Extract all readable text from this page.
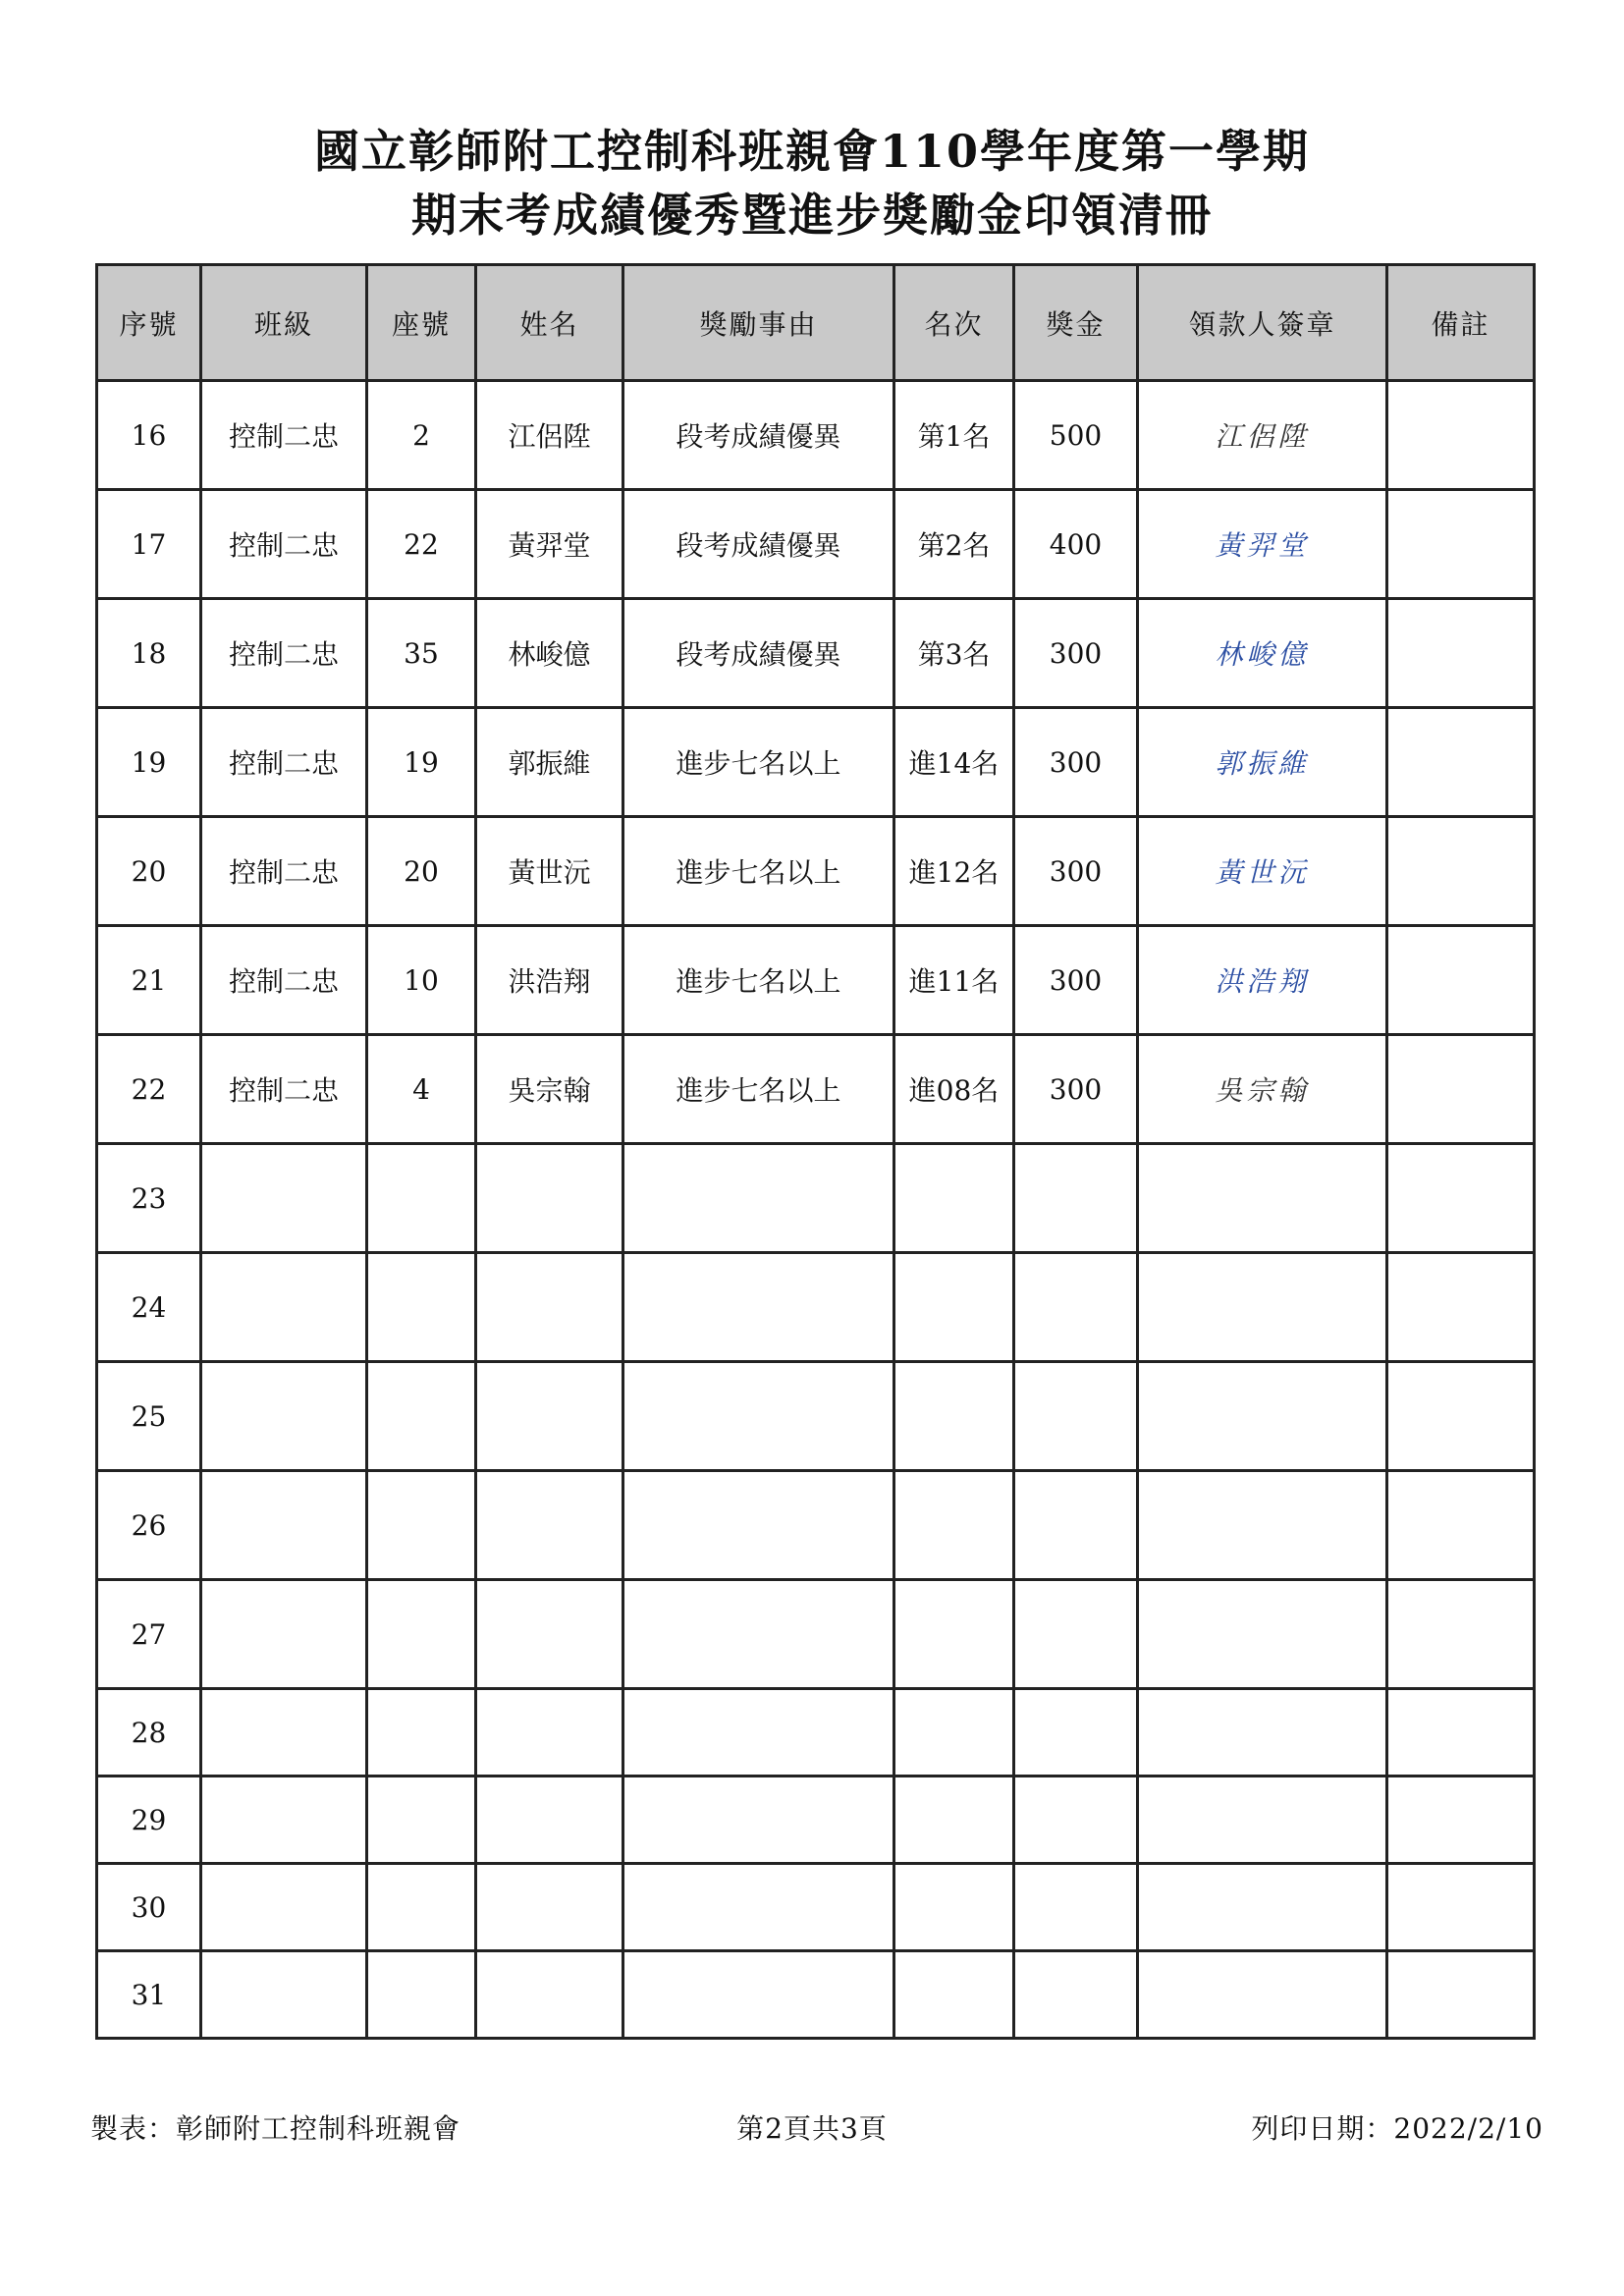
國立彰師附工控制科班親會110學年度第一學期
期末考成績優秀暨進步獎勵金印領清冊
序號	班級	座號	姓名	獎勵事由	名次	獎金	領款人簽章	備註
16	控制二忠	2	江侶陞	段考成績優異	第1名	500	江侶陞	
17	控制二忠	22	黃羿堂	段考成績優異	第2名	400	黃羿堂	
18	控制二忠	35	林峻億	段考成績優異	第3名	300	林峻億	
19	控制二忠	19	郭振維	進步七名以上	進14名	300	郭振維	
20	控制二忠	20	黃世沅	進步七名以上	進12名	300	黃世沅	
21	控制二忠	10	洪浩翔	進步七名以上	進11名	300	洪浩翔	
22	控制二忠	4	吳宗翰	進步七名以上	進08名	300	吳宗翰	
23								
24								
25								
26								
27								
28								
29								
30								
31								
製表：彰師附工控制科班親會	第2頁共3頁	列印日期：2022/2/10
